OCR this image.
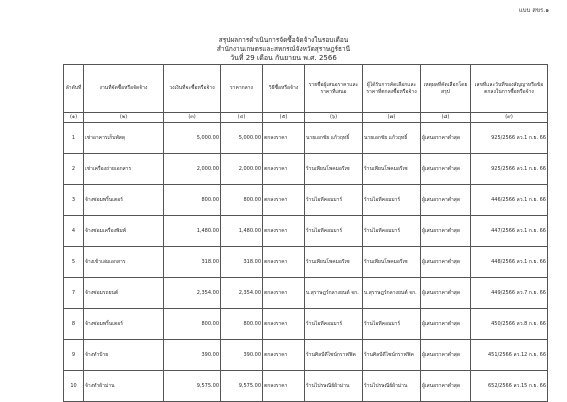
แบบ สขร.๑
สรุปผลการดำเนินการจัดซื้อจัดจ้างในรอบเดือน
สำนักงานเกษตรและสหกรณ์จังหวัดสุราษฎร์ธานี
วันที่ 29 เดือน กันยายน พ.ศ. 2566
ลำดับที่	งานที่จัดซื้อหรือจัดจ้าง	วงเงินที่จะซื้อหรือจ้าง	ราคากลาง	วิธีซื้อหรือจ้าง	รายชื่อผู้เสนอราคาและราคาที่เสนอ	ผู้ได้รับการคัดเลือกและราคาที่ตกลงซื้อหรือจ้าง	เหตุผลที่คัดเลือกโดยสรุป	เลขที่และวันที่ของสัญญาหรือข้อตกลงในการซื้อหรือจ้าง
(๑)	(๒)	(๓)	(๔)	(๕)	(๖)	(๗)	(๘)	(๙)
1	เช่าอาคารเก็บพัสดุ	5,000.00	5,000.00	ตกลงราคา	นายเอกชัย แก้วฤทธิ์	นายเอกชัย แก้วฤทธิ์	ผู้เสนอราคาต่ำสุด	925/2566 ลว.1 ก.ย. 66
2	เช่าเครื่องถ่ายเอกสาร	2,000.00	2,000.00	ตกลงราคา	ร้านเพียนโพคมอรีเซ	ร้านเพียนโพคมอรีเซ	ผู้เสนอราคาต่ำสุด	925/2566 ลว.1 ก.ย. 66
3	จ้างซ่อมพริ้นเตอร์	800.00	800.00	ตกลงราคา	ร้านไอทีคอมมาร์	ร้านไอทีคอมมาร์	ผู้เสนอราคาต่ำสุด	446/2566 ลว.1 ก.ย. 66
4	จ้างซ่อมเครื่องพิมพ์	1,480.00	1,480.00	ตกลงราคา	ร้านไอทีคอมมาร์	ร้านไอทีคอมมาร์	ผู้เสนอราคาต่ำสุด	447/2566 ลว.1 ก.ย. 66
5	จ้างเข้าเล่มเอกสาร	318.00	318.00	ตกลงราคา	ร้านเพียนโพคมอรีเซ	ร้านเพียนโพคมอรีเซ	ผู้เสนอราคาต่ำสุด	448/2566 ลว.1 ก.ย. 66
7	จ้างซ่อมรถยนต์	2,354.00	2,354.00	ตกลงราคา	บ.สุราษฎร์กลางยนต์ จก.	บ.สุราษฎร์กลางยนต์ จก.	ผู้เสนอราคาต่ำสุด	449/2566 ลว.7 ก.ย. 66
8	จ้างซ่อมพริ้นเตอร์	800.00	800.00	ตกลงราคา	ร้านไอทีคอมมาร์	ร้านไอทีคอมมาร์	ผู้เสนอราคาต่ำสุด	450/2566 ลว.8 ก.ย. 66
9	จ้างทำป้าย	390.00	390.00	ตกลงราคา	ร้านศิลป์ดีไซน์กราฟฟิค	ร้านศิลป์ดีไซน์กราฟฟิค	ผู้เสนอราคาต่ำสุด	451/2566 ลว.12 ก.ย. 66
10	จ้างทำผ้าม่าน	9,575.00	9,575.00	ตกลงราคา	ร้านไปรษณีย์ผ้าม่าน	ร้านไปรษณีย์ผ้าม่าน	ผู้เสนอราคาต่ำสุด	652/2566 ลว.15 ก.ย. 66
